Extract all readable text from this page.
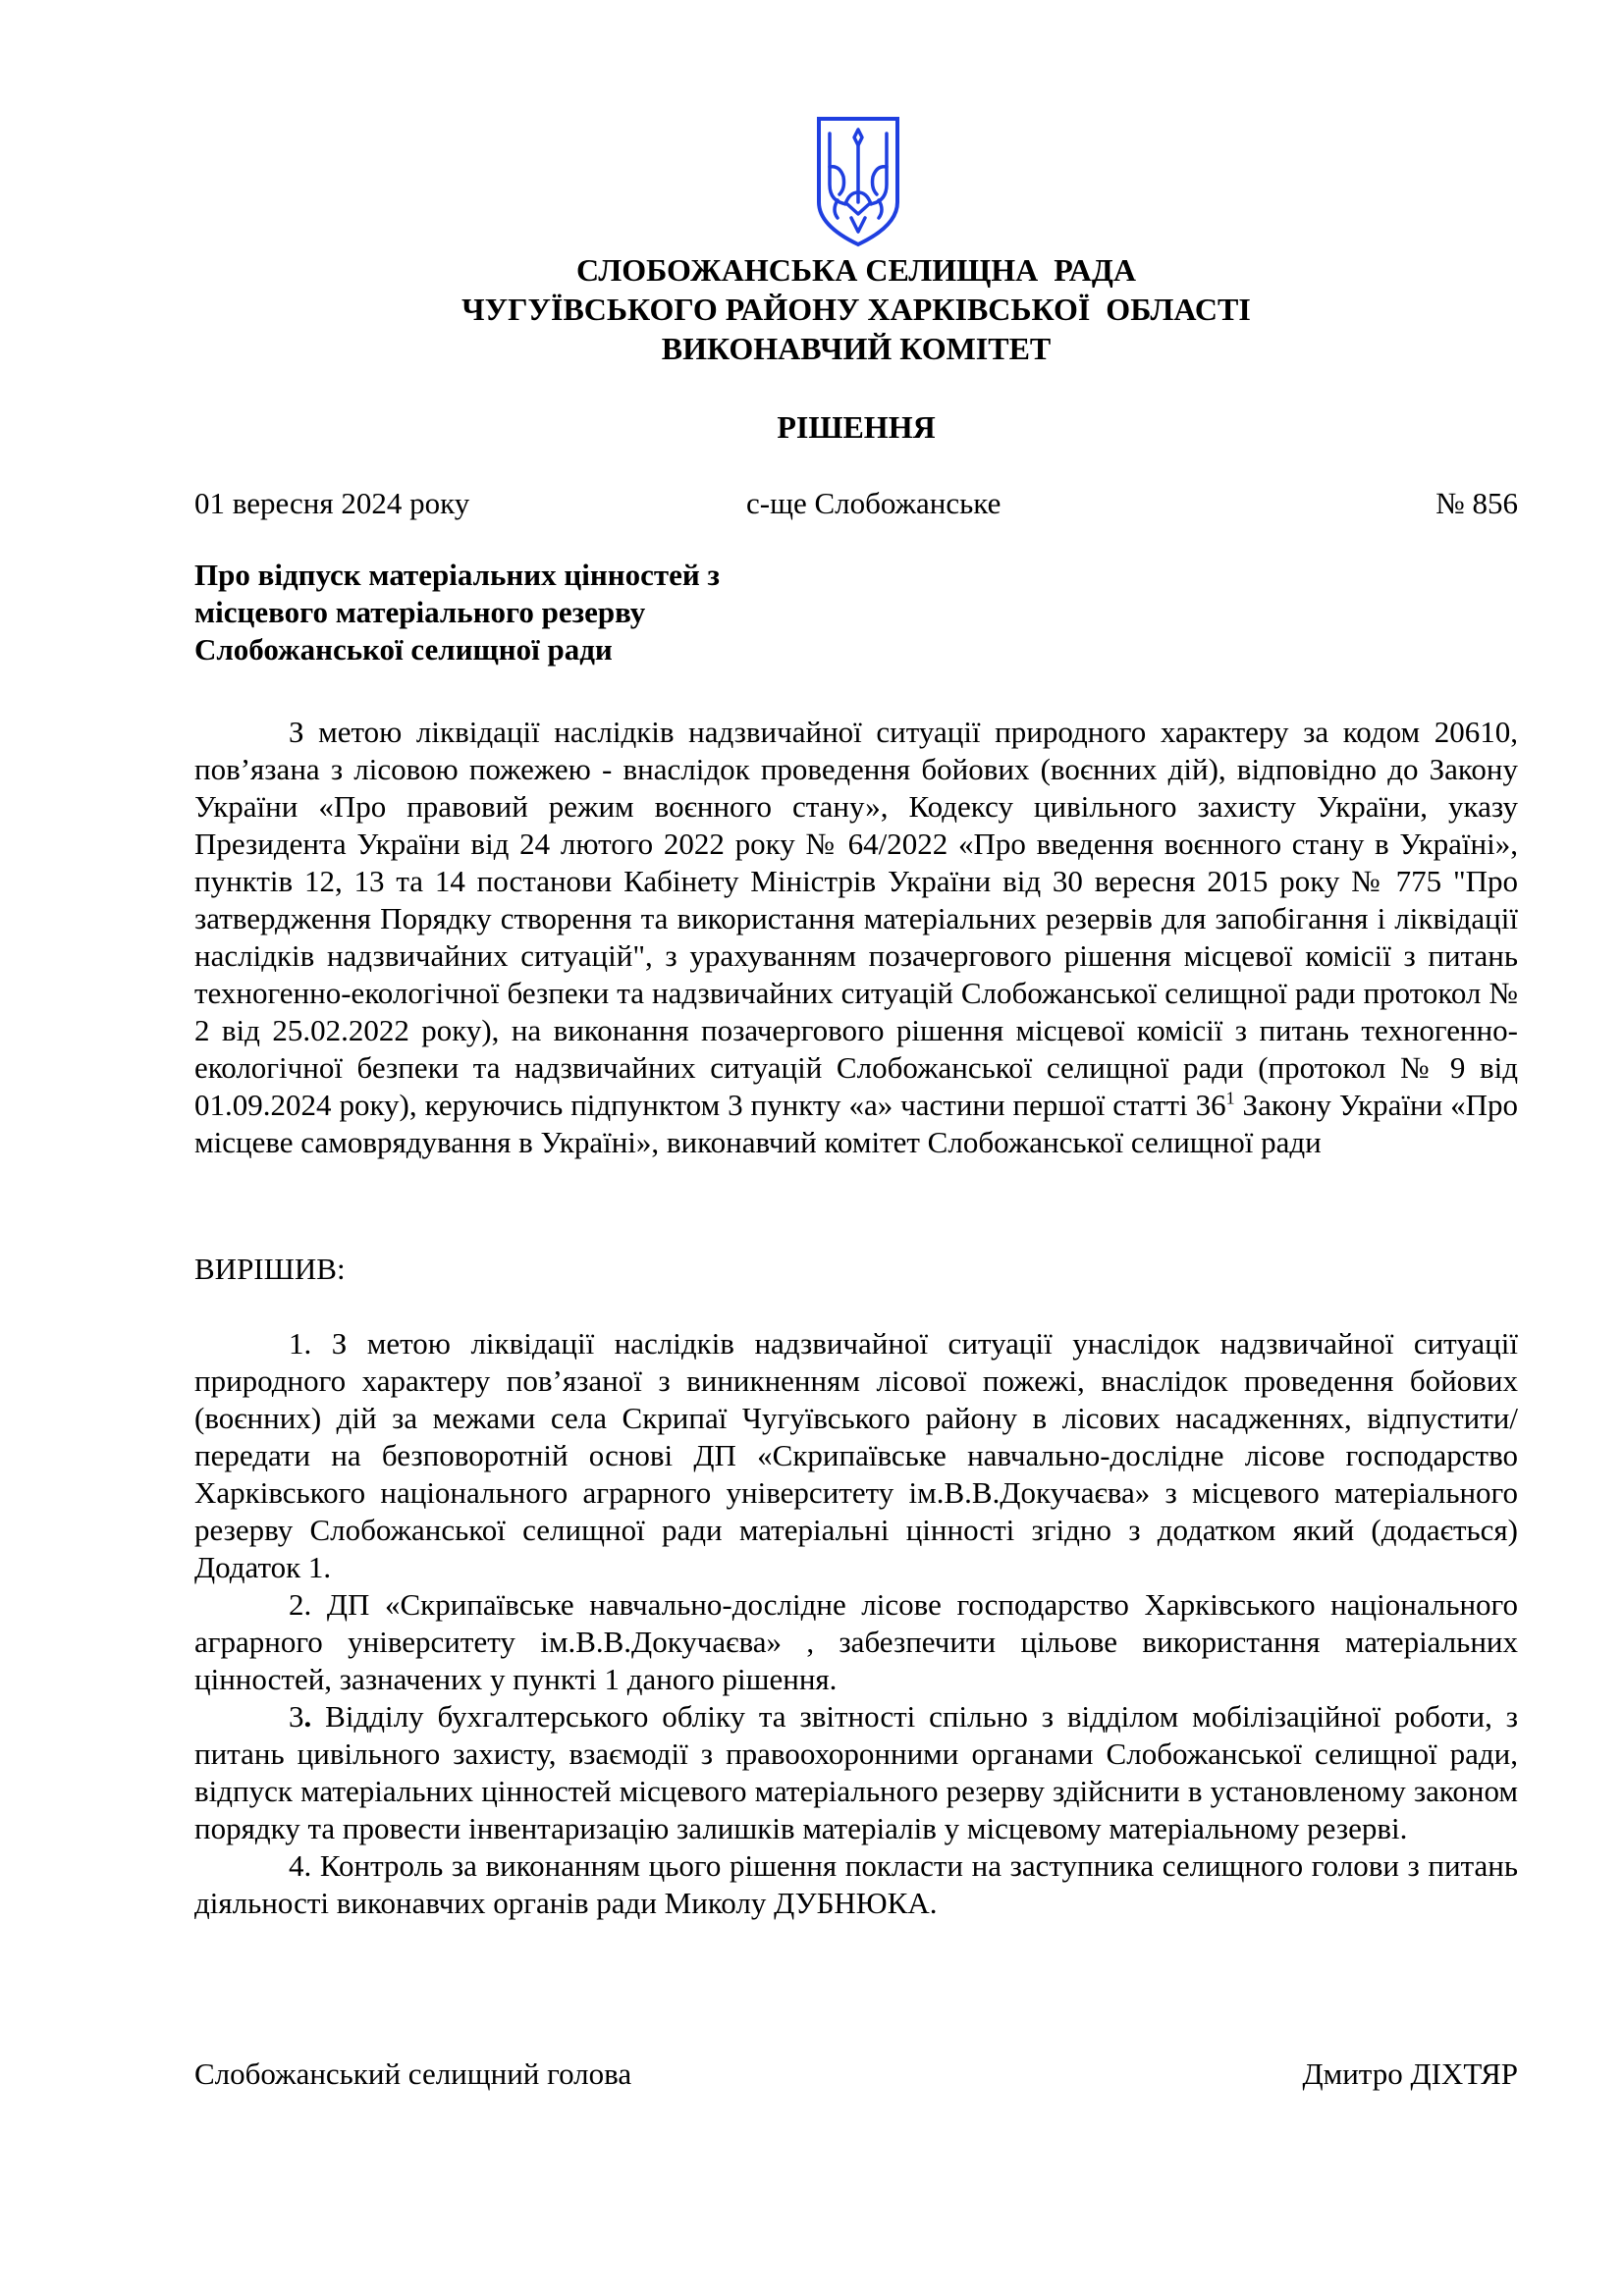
СЛОБОЖАНСЬКА СЕЛИЩНА  РАДА
ЧУГУЇВСЬКОГО РАЙОНУ ХАРКІВСЬКОЇ  ОБЛАСТІ
ВИКОНАВЧИЙ КОМІТЕТ
РІШЕННЯ
01 вересня 2024 року	с-ще Слобожанське	№ 856
Про відпуск матеріальних цінностей з
місцевого матеріального резерву
Слобожанської селищної ради

З метою ліквідації наслідків надзвичайної ситуації природного характеру за кодом 20610, пов’язана з лісовою пожежею - внаслідок проведення бойових (воєнних дій), відповідно до Закону України «Про правовий режим воєнного стану», Кодексу цивільного захисту України, указу Президента України від 24 лютого 2022 року № 64/2022 «Про введення воєнного стану в Україні», пунктів 12, 13 та 14 постанови Кабінету Міністрів України від 30 вересня 2015 року № 775 "Про затвердження Порядку створення та використання матеріальних резервів для запобігання і ліквідації наслідків надзвичайних ситуацій", з урахуванням позачергового рішення місцевої комісії з питань техногенно-екологічної безпеки та надзвичайних ситуацій Слобожанської селищної ради протокол № 2 від 25.02.2022 року), на виконання позачергового рішення місцевої комісії з питань техногенно-екологічної безпеки та надзвичайних ситуацій Слобожанської селищної ради (протокол № 9 від 01.09.2024 року), керуючись підпунктом 3 пункту «а» частини першої статті $36^1$ Закону України «Про місцеве самоврядування в Україні», виконавчий комітет Слобожанської селищної ради

ВИРІШИВ:

1. З метою ліквідації наслідків надзвичайної ситуації унаслідок надзвичайної ситуації природного характеру пов’язаної з виникненням лісової пожежі, внаслідок проведення бойових (воєнних) дій за межами села Скрипаї Чугуївського району в лісових насадженнях, відпустити/передати на безповоротній основі ДП «Скрипаївське навчально-дослідне лісове господарство Харківського національного аграрного університету ім.В.В.Докучаєва» з місцевого матеріального резерву Слобожанської селищної ради матеріальні цінності згідно з додатком який (додається) Додаток 1.

2. ДП «Скрипаївське навчально-дослідне лісове господарство Харківського національного аграрного університету ім.В.В.Докучаєва» , забезпечити цільове використання матеріальних цінностей, зазначених у пункті 1 даного рішення.

3. Відділу бухгалтерського обліку та звітності спільно з відділом мобілізаційної роботи, з питань цивільного захисту, взаємодії з правоохоронними органами Слобожанської селищної ради, відпуск матеріальних цінностей місцевого матеріального резерву здійснити в установленому законом порядку та провести інвентаризацію залишків матеріалів у місцевому матеріальному резерві.

4. Контроль за виконанням цього рішення покласти на заступника селищного голови з питань діяльності виконавчих органів ради Миколу ДУБНЮКА.

Слобожанський селищний голова	Дмитро ДІХТЯР
